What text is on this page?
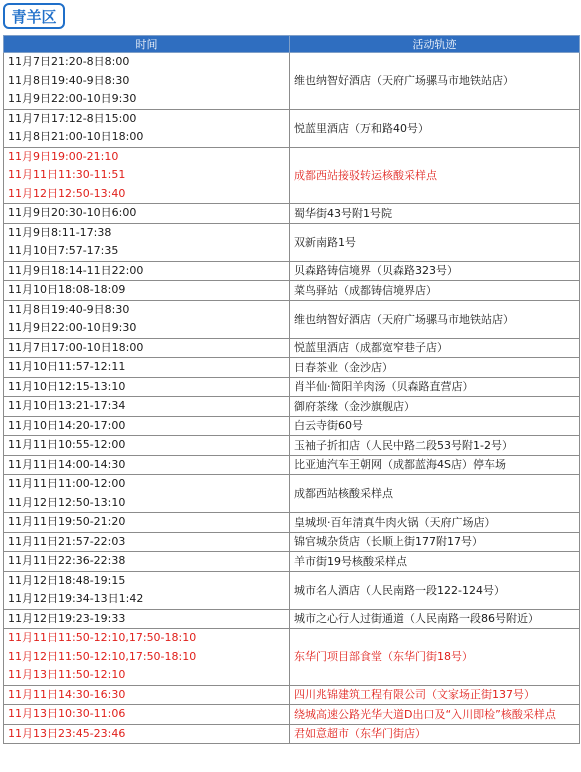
青羊区
时间	活动轨迹

11月7日21:20-8日8:00
11月8日19:40-9日8:30
11月9日22:00-10日9:30	维也纳智好酒店（天府广场骡马市地铁站店）

11月7日17:12-8日15:00
11月8日21:00-10日18:00	悦蓝里酒店（万和路40号）

11月9日19:00-21:10
11月11日11:30-11:51
11月12日12:50-13:40	成都西站接驳转运核酸采样点

11月9日20:30-10日6:00	蜀华街43号附1号院

11月9日8:11-17:38
11月10日7:57-17:35	双新南路1号

11月9日18:14-11日22:00	贝森路铸信境界（贝森路323号）

11月10日18:08-18:09	菜鸟驿站（成都铸信境界店）

11月8日19:40-9日8:30
11月9日22:00-10日9:30	维也纳智好酒店（天府广场骡马市地铁站店）

11月7日17:00-10日18:00	悦蓝里酒店（成都宽窄巷子店）

11月10日11:57-12:11	日春茶业（金沙店）

11月10日12:15-13:10	肖半仙·简阳羊肉汤（贝森路直营店）

11月10日13:21-17:34	御府茶缘（金沙旗舰店）

11月10日14:20-17:00	白云寺街60号

11月11日10:55-12:00	玉袖子折扣店（人民中路二段53号附1-2号）

11月11日14:00-14:30	比亚迪汽车王朝网（成都蓝海4S店）停车场

11月11日11:00-12:00
11月12日12:50-13:10	成都西站核酸采样点

11月11日19:50-21:20	皇城坝·百年清真牛肉火锅（天府广场店）

11月11日21:57-22:03	锦官城杂货店（长顺上街177附17号）

11月11日22:36-22:38	羊市街19号核酸采样点

11月12日18:48-19:15
11月12日19:34-13日1:42	城市名人酒店（人民南路一段122-124号）

11月12日19:23-19:33	城市之心行人过街通道（人民南路一段86号附近）

11月11日11:50-12:10,17:50-18:10
11月12日11:50-12:10,17:50-18:10
11月13日11:50-12:10	东华门项目部食堂（东华门街18号）

11月11日14:30-16:30	四川兆锦建筑工程有限公司（文家场正街137号）

11月13日10:30-11:06	绕城高速公路光华大道D出口及“入川即检”核酸采样点

11月13日23:45-23:46	君如意超市（东华门街店）
